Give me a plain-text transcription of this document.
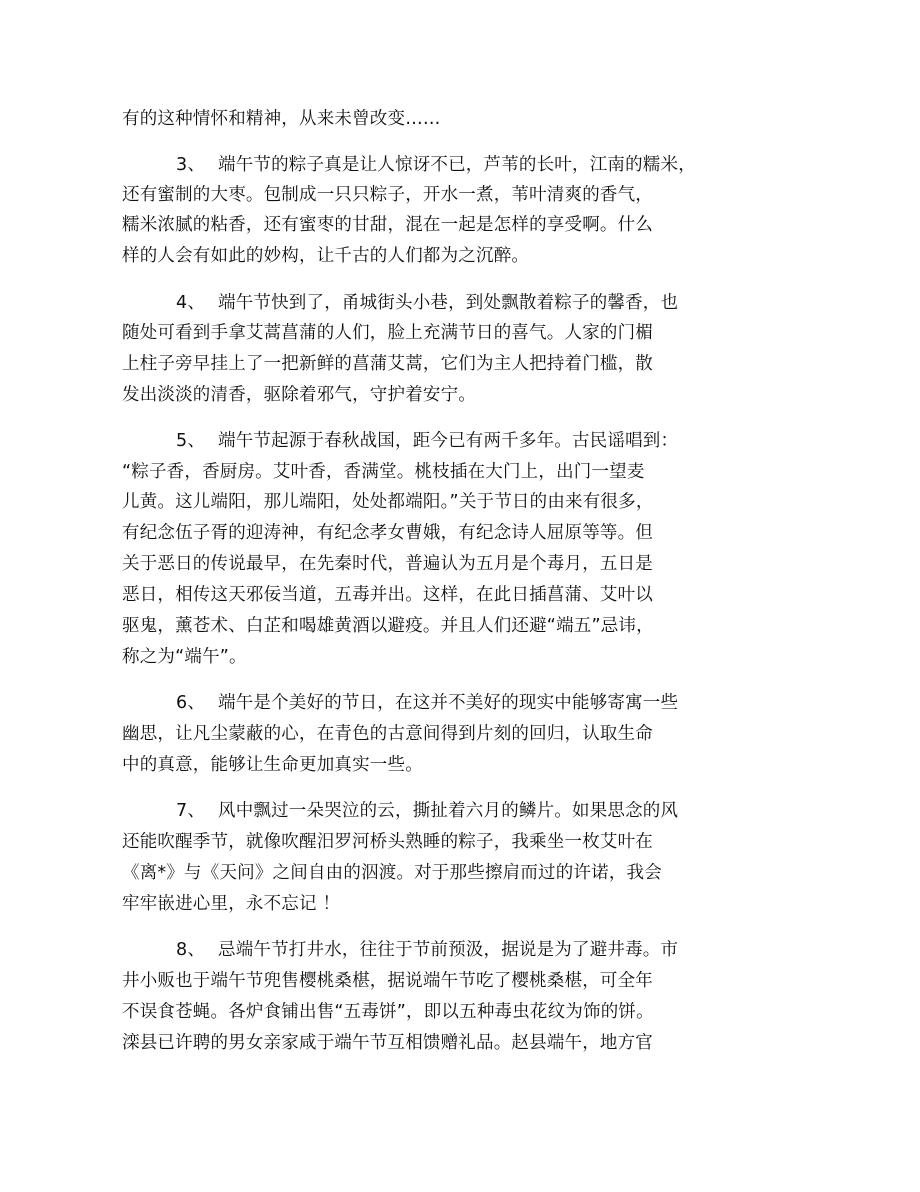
有的这种情怀和精神，从来未曾改变……
3、 端午节的粽子真是让人惊讶不已，芦苇的长叶，江南的糯米，
还有蜜制的大枣。包制成一只只粽子，开水一煮，苇叶清爽的香气，
糯米浓腻的粘香，还有蜜枣的甘甜，混在一起是怎样的享受啊。什么
样的人会有如此的妙构，让千古的人们都为之沉醉。
4、 端午节快到了，甬城街头小巷，到处飘散着粽子的馨香，也
随处可看到手拿艾蒿菖蒲的人们，脸上充满节日的喜气。人家的门楣
上柱子旁早挂上了一把新鲜的菖蒲艾蒿，它们为主人把持着门槛，散
发出淡淡的清香，驱除着邪气，守护着安宁。
5、 端午节起源于春秋战国，距今已有两千多年。古民谣唱到：
“粽子香，香厨房。艾叶香，香满堂。桃枝插在大门上，出门一望麦
儿黄。这儿端阳，那儿端阳，处处都端阳。”关于节日的由来有很多，
有纪念伍子胥的迎涛神，有纪念孝女曹娥，有纪念诗人屈原等等。但
关于恶日的传说最早，在先秦时代，普遍认为五月是个毒月，五日是
恶日，相传这天邪佞当道，五毒并出。这样，在此日插菖蒲、艾叶以
驱鬼，薰苍术、白芷和喝雄黄酒以避疫。并且人们还避“端五”忌讳，
称之为“端午”。
6、 端午是个美好的节日，在这并不美好的现实中能够寄寓一些
幽思，让凡尘蒙蔽的心，在青色的古意间得到片刻的回归，认取生命
中的真意，能够让生命更加真实一些。
7、 风中飘过一朵哭泣的云，撕扯着六月的鳞片。如果思念的风
还能吹醒季节，就像吹醒汨罗河桥头熟睡的粽子，我乘坐一枚艾叶在
《离*》与《天问》之间自由的泅渡。对于那些擦肩而过的许诺，我会
牢牢嵌进心里，永不忘记 ！
8、 忌端午节打井水，往往于节前预汲，据说是为了避井毒。市
井小贩也于端午节兜售樱桃桑椹，据说端午节吃了樱桃桑椹，可全年
不误食苍蝇。各炉食铺出售“五毒饼”，即以五种毒虫花纹为饰的饼。
滦县已许聘的男女亲家咸于端午节互相馈赠礼品。赵县端午，地方官
